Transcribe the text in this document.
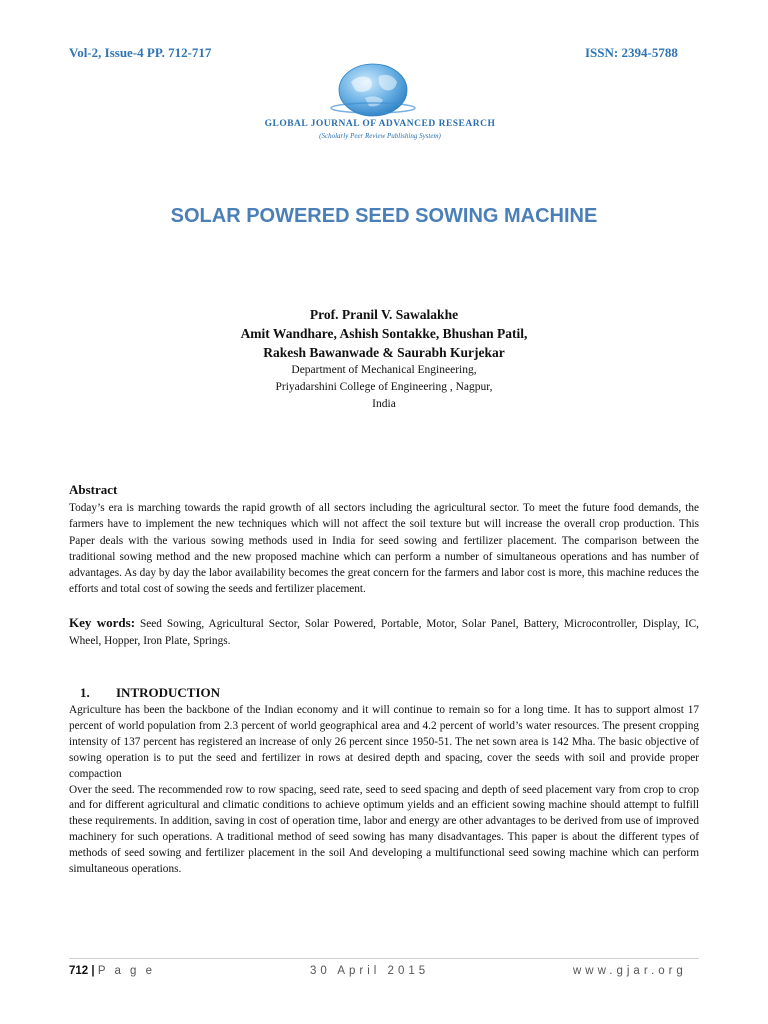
Vol-2, Issue-4 PP. 712-717	ISSN: 2394-5788
GLOBAL JOURNAL OF ADVANCED RESEARCH
(Scholarly Peer Review Publishing System)
SOLAR POWERED SEED SOWING MACHINE
Prof. Pranil V. Sawalakhe
Amit Wandhare, Ashish Sontakke, Bhushan Patil,
Rakesh Bawanwade & Saurabh Kurjekar
Department of Mechanical Engineering,
Priyadarshini College of Engineering , Nagpur,
India
Abstract
Today’s era is marching towards the rapid growth of all sectors including the agricultural sector. To meet the future food demands, the farmers have to implement the new techniques which will not affect the soil texture but will increase the overall crop production. This Paper deals with the various sowing methods used in India for seed sowing and fertilizer placement. The comparison between the traditional sowing method and the new proposed machine which can perform a number of simultaneous operations and has number of advantages. As day by day the labor availability becomes the great concern for the farmers and labor cost is more, this machine reduces the efforts and total cost of sowing the seeds and fertilizer placement.
Key words: Seed Sowing, Agricultural Sector, Solar Powered, Portable, Motor, Solar Panel, Battery, Microcontroller, Display, IC, Wheel, Hopper, Iron Plate, Springs.
1. INTRODUCTION

Agriculture has been the backbone of the Indian economy and it will continue to remain so for a long time. It has to support almost 17 percent of world population from 2.3 percent of world geographical area and 4.2 percent of world’s water resources. The present cropping intensity of 137 percent has registered an increase of only 26 percent since 1950-51. The net sown area is 142 Mha. The basic objective of sowing operation is to put the seed and fertilizer in rows at desired depth and spacing, cover the seeds with soil and provide proper compaction

Over the seed. The recommended row to row spacing, seed rate, seed to seed spacing and depth of seed placement vary from crop to crop and for different agricultural and climatic conditions to achieve optimum yields and an efficient sowing machine should attempt to fulfill these requirements. In addition, saving in cost of operation time, labor and energy are other advantages to be derived from use of improved machinery for such operations. A traditional method of seed sowing has many disadvantages. This paper is about the different types of methods of seed sowing and fertilizer placement in the soil And developing a multifunctional seed sowing machine which can perform simultaneous operations.

712 | P a g e	30 April 2015	www.gjar.org
